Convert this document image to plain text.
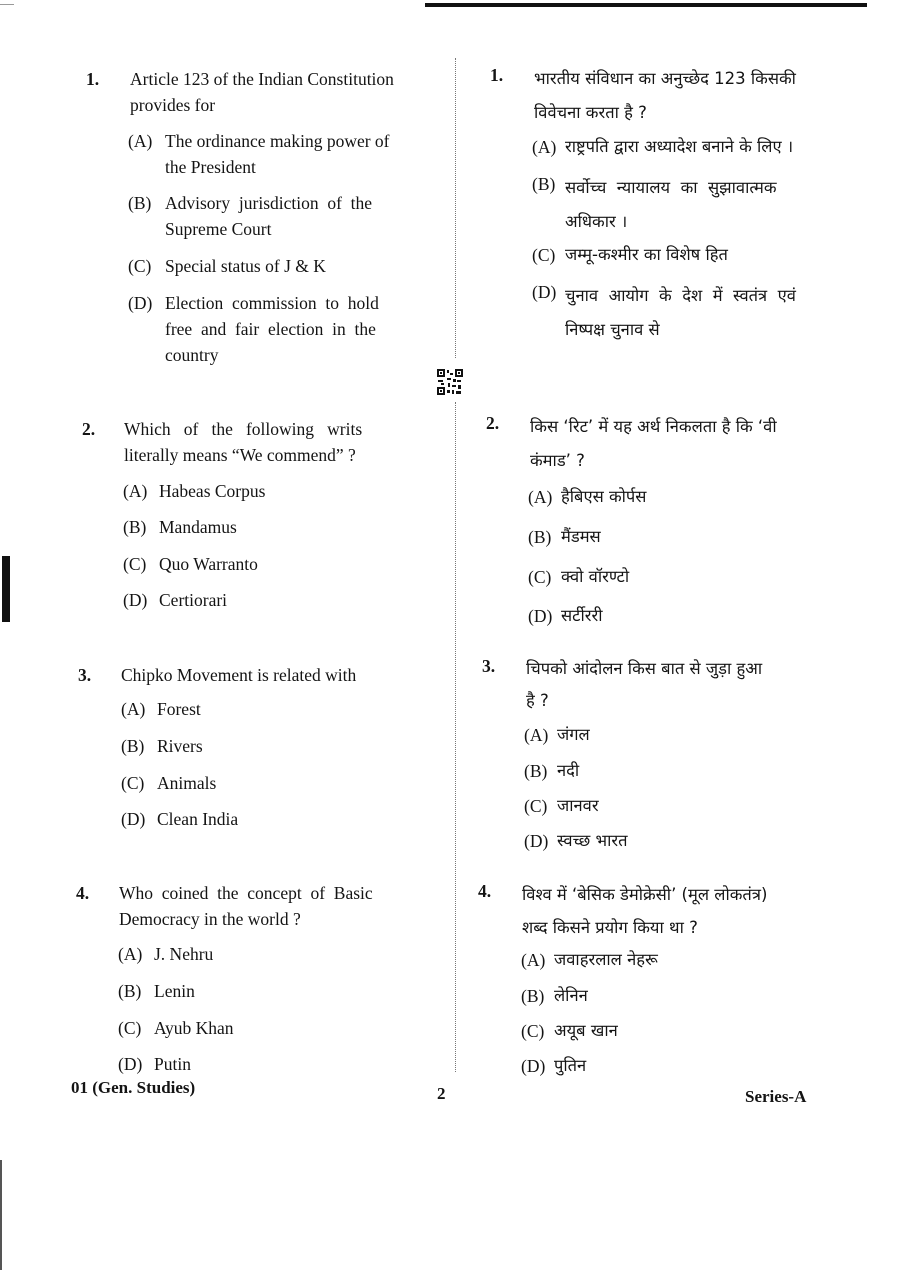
1. Article 123 of the Indian Constitution
provides for
(A) The ordinance making power of
the President
(B) Advisory  jurisdiction  of  the
Supreme Court
(C) Special status of J & K
(D) Election  commission  to  hold
free  and  fair  election  in  the
country
2. Which   of   the   following   writs
literally means “We commend” ?
(A) Habeas Corpus
(B) Mandamus
(C) Quo Warranto
(D) Certiorari
3. Chipko Movement is related with
(A) Forest
(B) Rivers
(C) Animals
(D) Clean India
4. Who  coined  the  concept  of  Basic
Democracy in the world ?
(A) J. Nehru
(B) Lenin
(C) Ayub Khan
(D) Putin
1. भारतीय संविधान का अनुच्छेद 123 किसकी
विवेचना करता है ?
(A) राष्ट्रपति द्वारा अध्यादेश बनाने के लिए ।
(B) सर्वोच्च  न्यायालय  का  सुझावात्मक
अधिकार ।
(C) जम्मू-कश्मीर का विशेष हित
(D) चुनाव  आयोग  के  देश  में  स्वतंत्र  एवं
निष्पक्ष चुनाव से
2. किस ‘रिट’ में यह अर्थ निकलता है कि ‘वी
कंमाड’ ?
(A) हैबिएस कोर्पस
(B) मैंडमस
(C) क्वो वॉरण्टो
(D) सर्टीररी
3. चिपको आंदोलन किस बात से जुड़ा हुआ
है ?
(A) जंगल
(B) नदी
(C) जानवर
(D) स्वच्छ भारत
4. विश्व में ‘बेसिक डेमोक्रेसी’ (मूल लोकतंत्र)
शब्द किसने प्रयोग किया था ?
(A) जवाहरलाल नेहरू
(B) लेनिन
(C) अयूब खान
(D) पुतिन
01 (Gen. Studies)	2	Series-A
